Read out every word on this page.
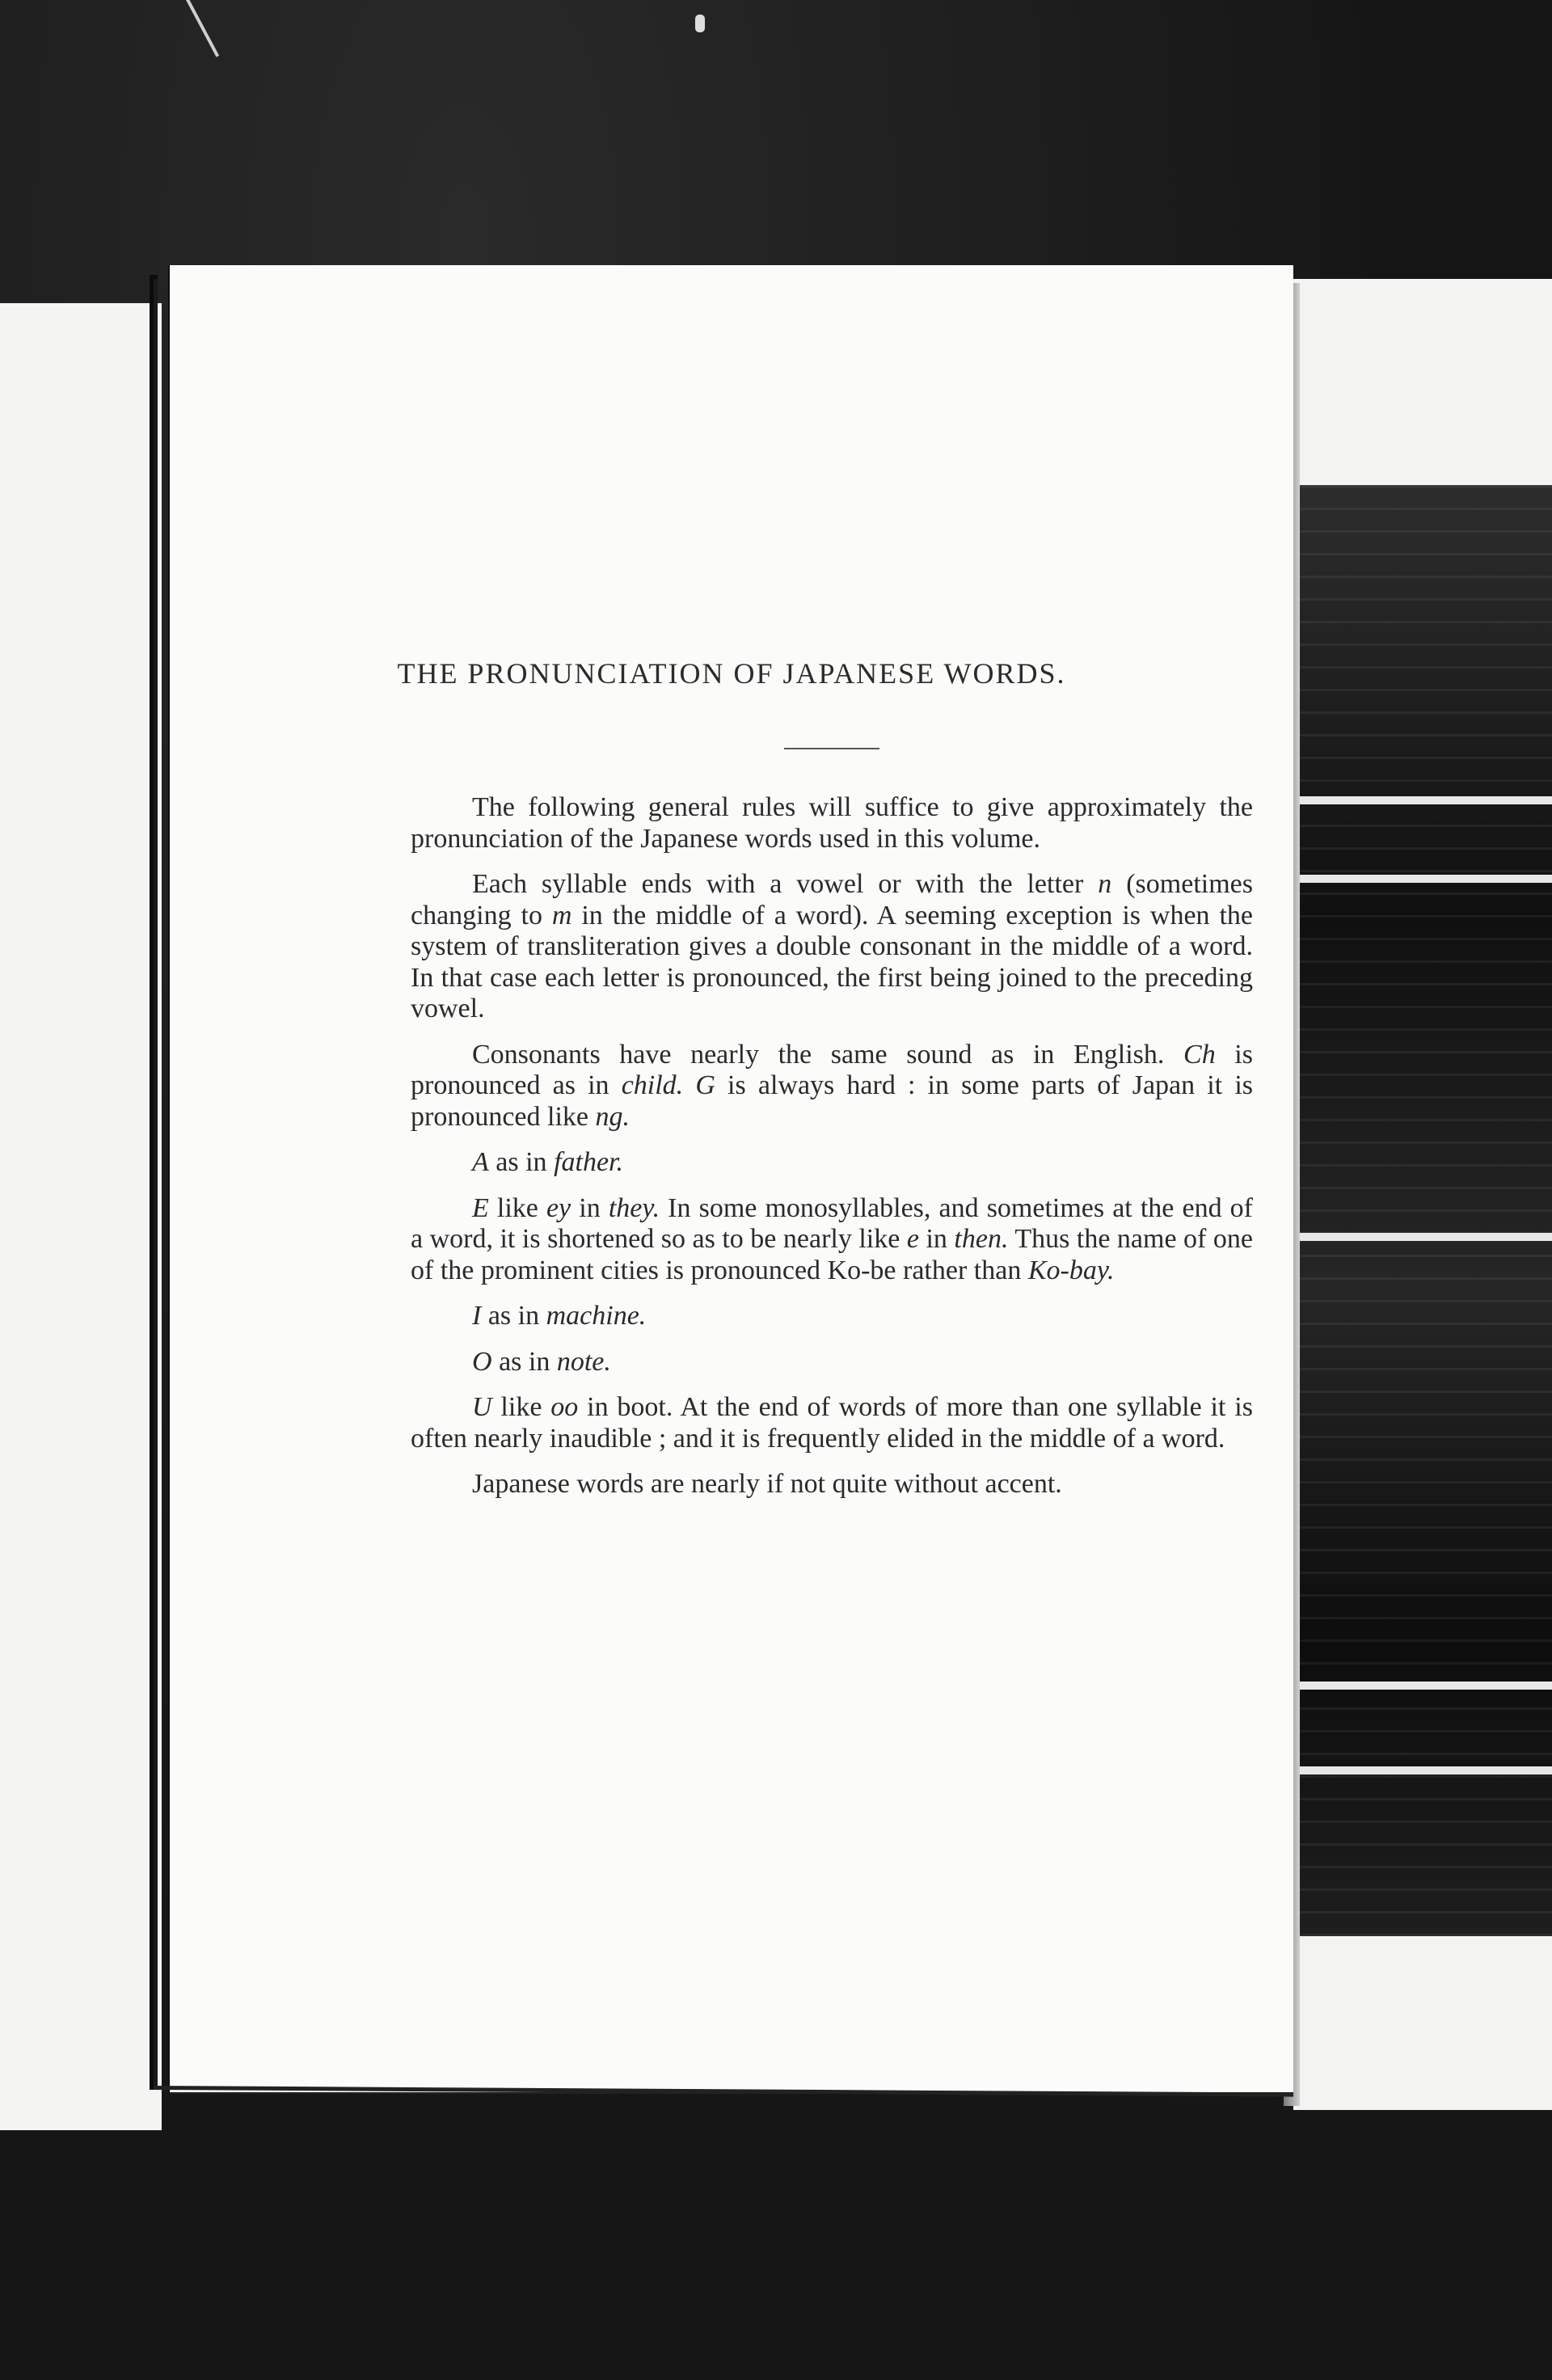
THE PRONUNCIATION OF JAPANESE WORDS.

The following general rules will suffice to give approximately the pronunciation of the Japanese words used in this volume.

Each syllable ends with a vowel or with the letter n (sometimes changing to m in the middle of a word). A seeming exception is when the system of transliteration gives a double consonant in the middle of a word. In that case each letter is pronounced, the first being joined to the preceding vowel.

Consonants have nearly the same sound as in English. Ch is pronounced as in child. G is always hard : in some parts of Japan it is pronounced like ng.

A as in father.

E like ey in they. In some monosyllables, and sometimes at the end of a word, it is shortened so as to be nearly like e in then. Thus the name of one of the prominent cities is pronounced Ko-be rather than Ko-bay.

I as in machine.

O as in note.

U like oo in boot. At the end of words of more than one syllable it is often nearly inaudible ; and it is frequently elided in the middle of a word.

Japanese words are nearly if not quite without accent.
